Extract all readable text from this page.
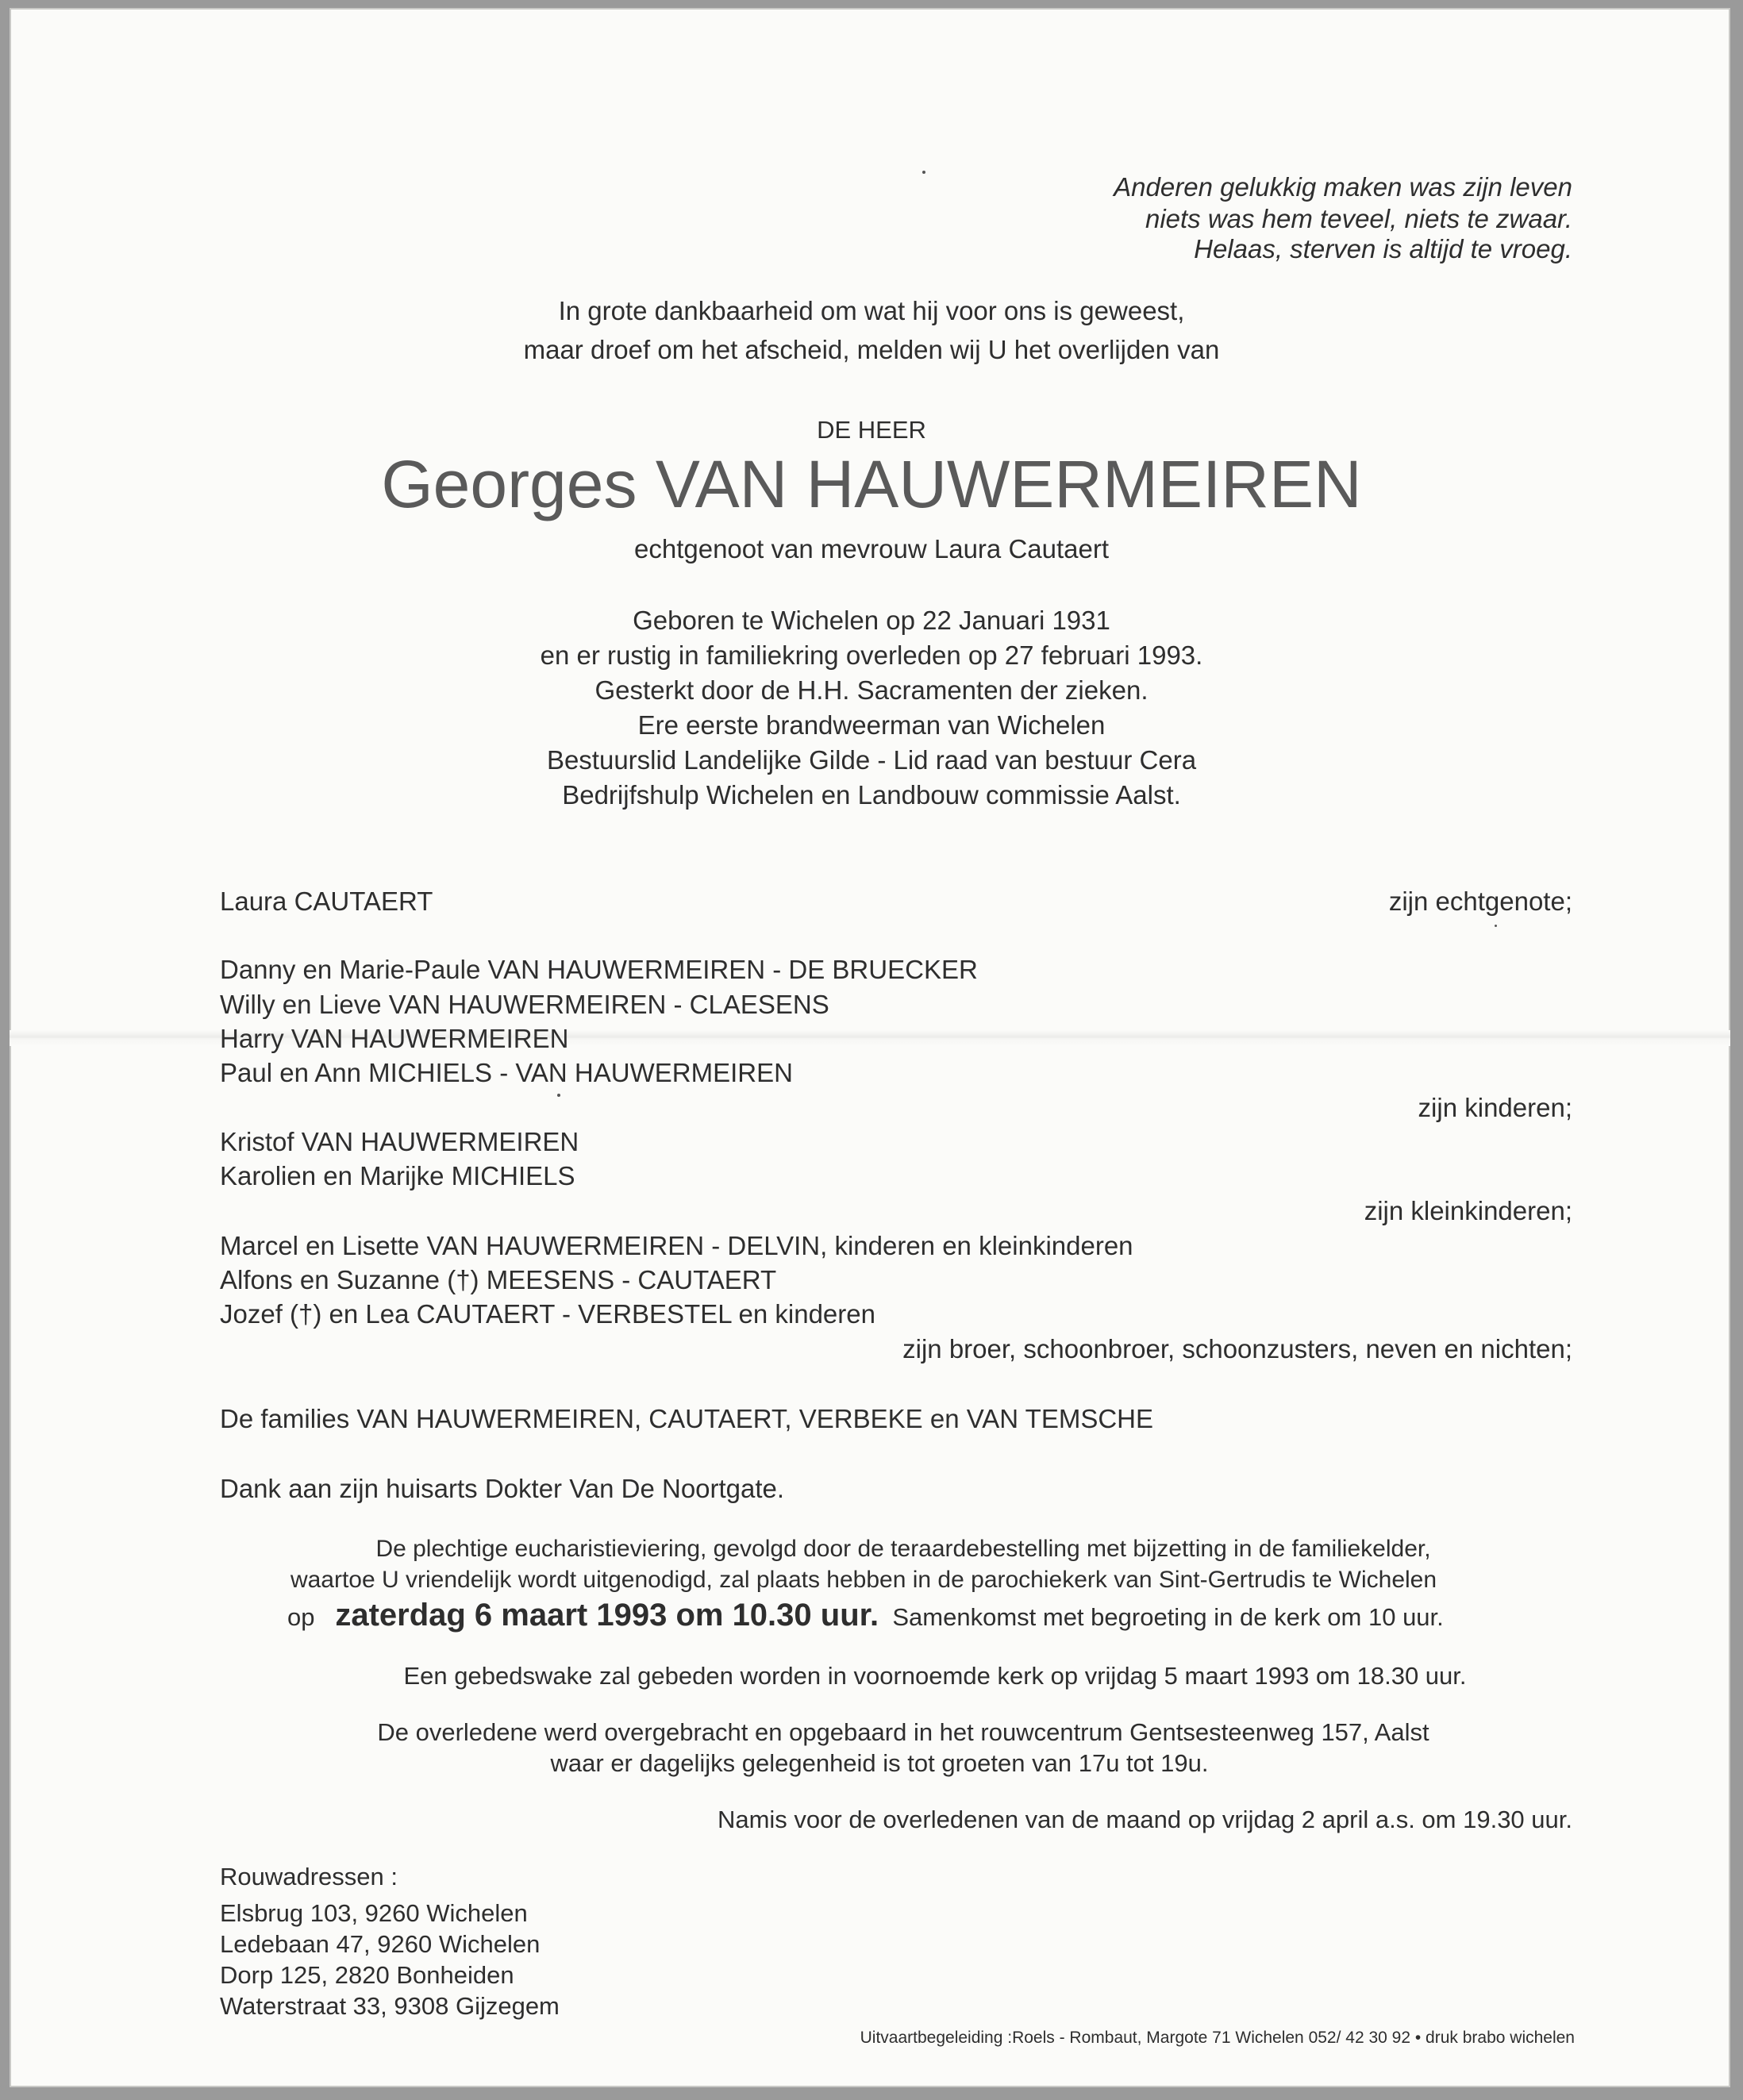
Anderen gelukkig maken was zijn leven
niets was hem teveel, niets te zwaar.
Helaas, sterven is altijd te vroeg.
In grote dankbaarheid om wat hij voor ons is geweest,
maar droef om het afscheid, melden wij U het overlijden van
DE HEER
Georges VAN HAUWERMEIREN
echtgenoot van mevrouw Laura Cautaert
Geboren te Wichelen op 22 Januari 1931
en er rustig in familiekring overleden op 27 februari 1993.
Gesterkt door de H.H. Sacramenten der zieken.
Ere eerste brandweerman van Wichelen
Bestuurslid Landelijke Gilde - Lid raad van bestuur Cera
Bedrijfshulp Wichelen en Landbouw commissie Aalst.
Laura CAUTAERT	zijn echtgenote;
Danny en Marie-Paule VAN HAUWERMEIREN - DE BRUECKER
Willy en Lieve VAN HAUWERMEIREN - CLAESENS
Harry VAN HAUWERMEIREN
Paul en Ann MICHIELS - VAN HAUWERMEIREN
zijn kinderen;
Kristof VAN HAUWERMEIREN
Karolien en Marijke MICHIELS
zijn kleinkinderen;
Marcel en Lisette VAN HAUWERMEIREN - DELVIN, kinderen en kleinkinderen
Alfons en Suzanne (†) MEESENS - CAUTAERT
Jozef (†) en Lea CAUTAERT - VERBESTEL en kinderen
zijn broer, schoonbroer, schoonzusters, neven en nichten;
De families VAN HAUWERMEIREN, CAUTAERT, VERBEKE en VAN TEMSCHE
Dank aan zijn huisarts Dokter Van De Noortgate.
De plechtige eucharistieviering, gevolgd door de teraardebestelling met bijzetting in de familiekelder,
waartoe U vriendelijk wordt uitgenodigd, zal plaats hebben in de parochiekerk van Sint-Gertrudis te Wichelen
op zaterdag 6 maart 1993 om 10.30 uur. Samenkomst met begroeting in de kerk om 10 uur.
Een gebedswake zal gebeden worden in voornoemde kerk op vrijdag 5 maart 1993 om 18.30 uur.
De overledene werd overgebracht en opgebaard in het rouwcentrum Gentsesteenweg 157, Aalst
waar er dagelijks gelegenheid is tot groeten van 17u tot 19u.
Namis voor de overledenen van de maand op vrijdag 2 april a.s. om 19.30 uur.
Rouwadressen :
Elsbrug 103, 9260 Wichelen
Ledebaan 47, 9260 Wichelen
Dorp 125, 2820 Bonheiden
Waterstraat 33, 9308 Gijzegem
Uitvaartbegeleiding :Roels - Rombaut, Margote 71 Wichelen 052/ 42 30 92 • druk brabo wichelen
